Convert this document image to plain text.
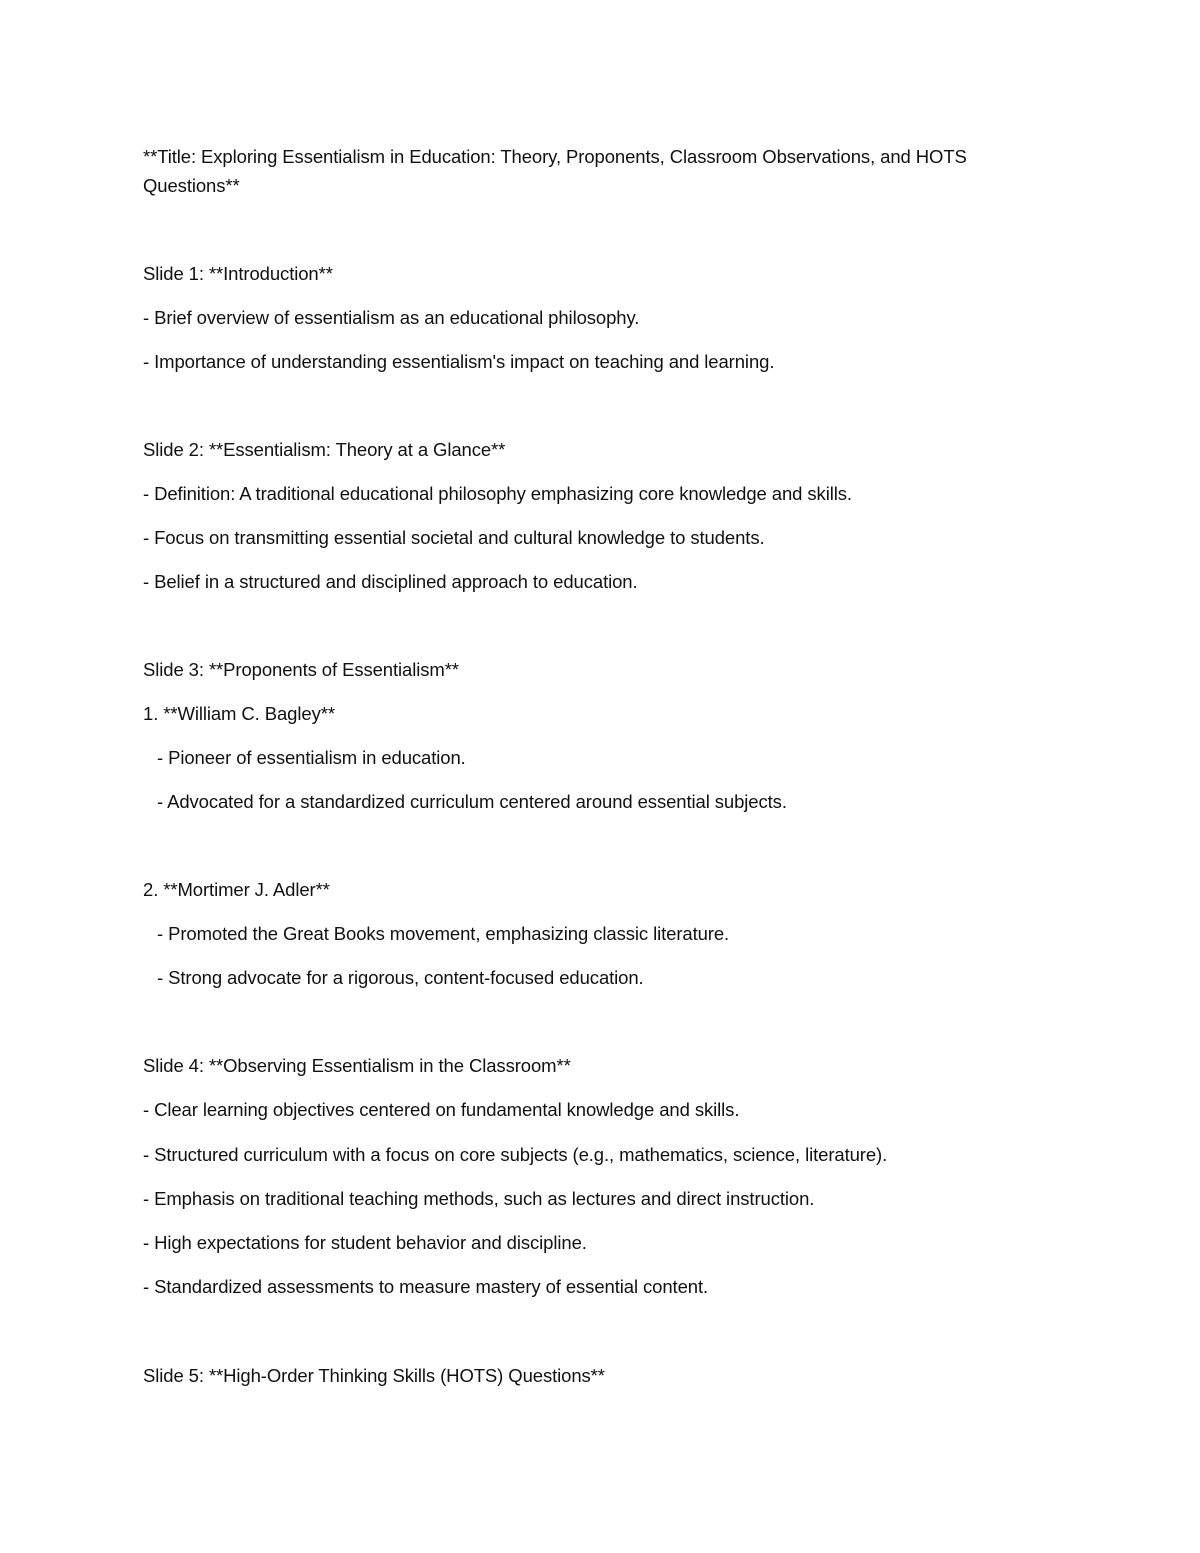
**Title: Exploring Essentialism in Education: Theory, Proponents, Classroom Observations, and HOTS
Questions**
Slide 1: **Introduction**
- Brief overview of essentialism as an educational philosophy.
- Importance of understanding essentialism's impact on teaching and learning.
Slide 2: **Essentialism: Theory at a Glance**
- Definition: A traditional educational philosophy emphasizing core knowledge and skills.
- Focus on transmitting essential societal and cultural knowledge to students.
- Belief in a structured and disciplined approach to education.
Slide 3: **Proponents of Essentialism**
1. **William C. Bagley**
- Pioneer of essentialism in education.
- Advocated for a standardized curriculum centered around essential subjects.
2. **Mortimer J. Adler**
- Promoted the Great Books movement, emphasizing classic literature.
- Strong advocate for a rigorous, content-focused education.
Slide 4: **Observing Essentialism in the Classroom**
- Clear learning objectives centered on fundamental knowledge and skills.
- Structured curriculum with a focus on core subjects (e.g., mathematics, science, literature).
- Emphasis on traditional teaching methods, such as lectures and direct instruction.
- High expectations for student behavior and discipline.
- Standardized assessments to measure mastery of essential content.
Slide 5: **High-Order Thinking Skills (HOTS) Questions**
